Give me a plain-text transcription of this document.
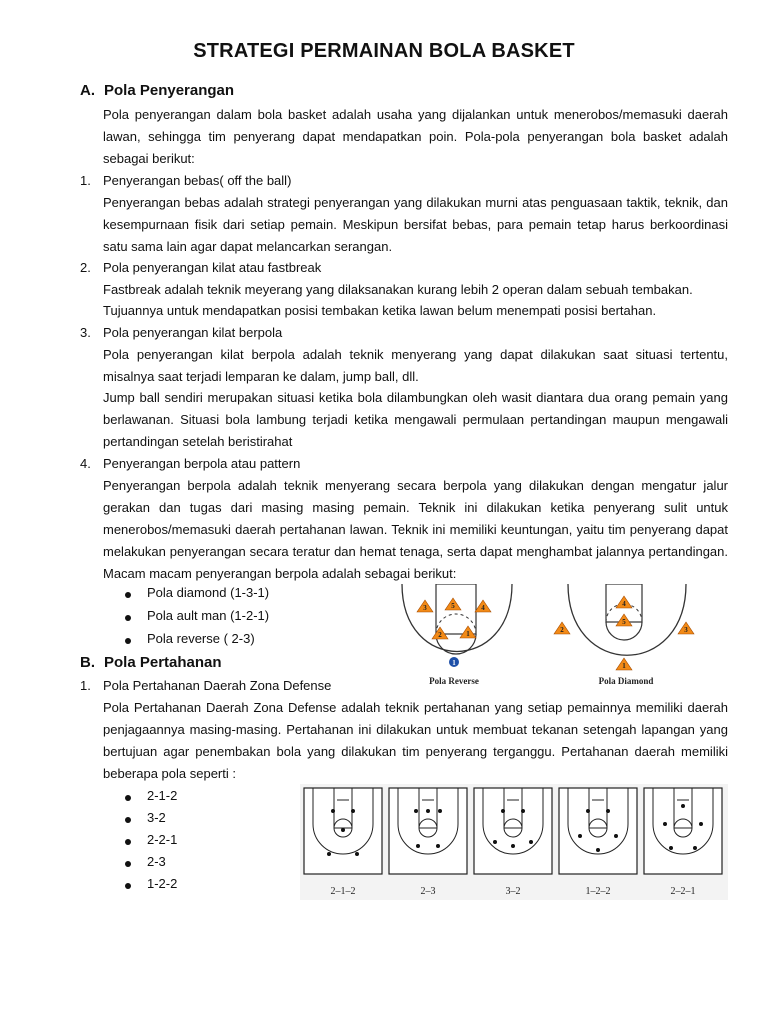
STRATEGI PERMAINAN BOLA BASKET
A. Pola Penyerangan
Pola penyerangan dalam bola basket adalah usaha yang dijalankan untuk menerobos/memasuki daerah lawan, sehingga tim penyerang dapat mendapatkan poin. Pola-pola penyerangan bola basket adalah sebagai berikut:
1. Penyerangan bebas( off the ball)
Penyerangan bebas adalah strategi penyerangan yang dilakukan murni atas penguasaan taktik, teknik, dan kesempurnaan fisik dari setiap pemain. Meskipun bersifat bebas, para pemain tetap harus berkoordinasi satu sama lain agar dapat melancarkan serangan.
2. Pola penyerangan kilat atau fastbreak
Fastbreak adalah teknik meyerang yang dilaksanakan kurang lebih 2 operan dalam sebuah tembakan.
Tujuannya untuk mendapatkan posisi tembakan ketika lawan belum menempati posisi bertahan.
3. Pola penyerangan kilat berpola
Pola penyerangan kilat berpola adalah teknik menyerang yang dapat dilakukan saat situasi tertentu, misalnya saat terjadi lemparan ke dalam, jump ball, dll.
Jump ball sendiri merupakan situasi ketika bola dilambungkan oleh wasit diantara dua orang pemain yang berlawanan. Situasi bola lambung terjadi ketika mengawali permulaan pertandingan maupun mengawali pertandingan setelah beristirahat
4. Penyerangan berpola atau pattern
Penyerangan berpola adalah teknik menyerang secara berpola yang dilakukan dengan mengatur jalur gerakan dan tugas dari masing masing pemain. Teknik ini dilakukan ketika penyerang sulit untuk menerobos/memasuki daerah pertahanan lawan. Teknik ini memiliki keuntungan, yaitu tim penyerang dapat melakukan penyerangan secara teratur dan hemat tenaga, serta dapat menghambat jalannya pertandingan. Macam macam penyerangan berpola adalah sebagai berikut:
Pola diamond (1-3-1)
Pola ault man (1-2-1)
Pola reverse ( 2-3)
3	5	4
2	1
1
Pola Reverse
4
5
2	3
1
Pola Diamond
B. Pola Pertahanan
1. Pola Pertahanan Daerah Zona Defense
Pola Pertahanan Daerah Zona Defense adalah teknik pertahanan yang setiap pemainnya memiliki daerah penjagaannya masing-masing. Pertahanan ini dilakukan untuk membuat tekanan setengah lapangan yang bertujuan agar penembakan bola yang dilakukan tim penyerang terganggu. Pertahanan daerah memiliki beberapa pola seperti :
2-1-2
3-2
2-2-1
2-3
1-2-2
2–1–2	2–3	3–2	1–2–2	2–2–1
